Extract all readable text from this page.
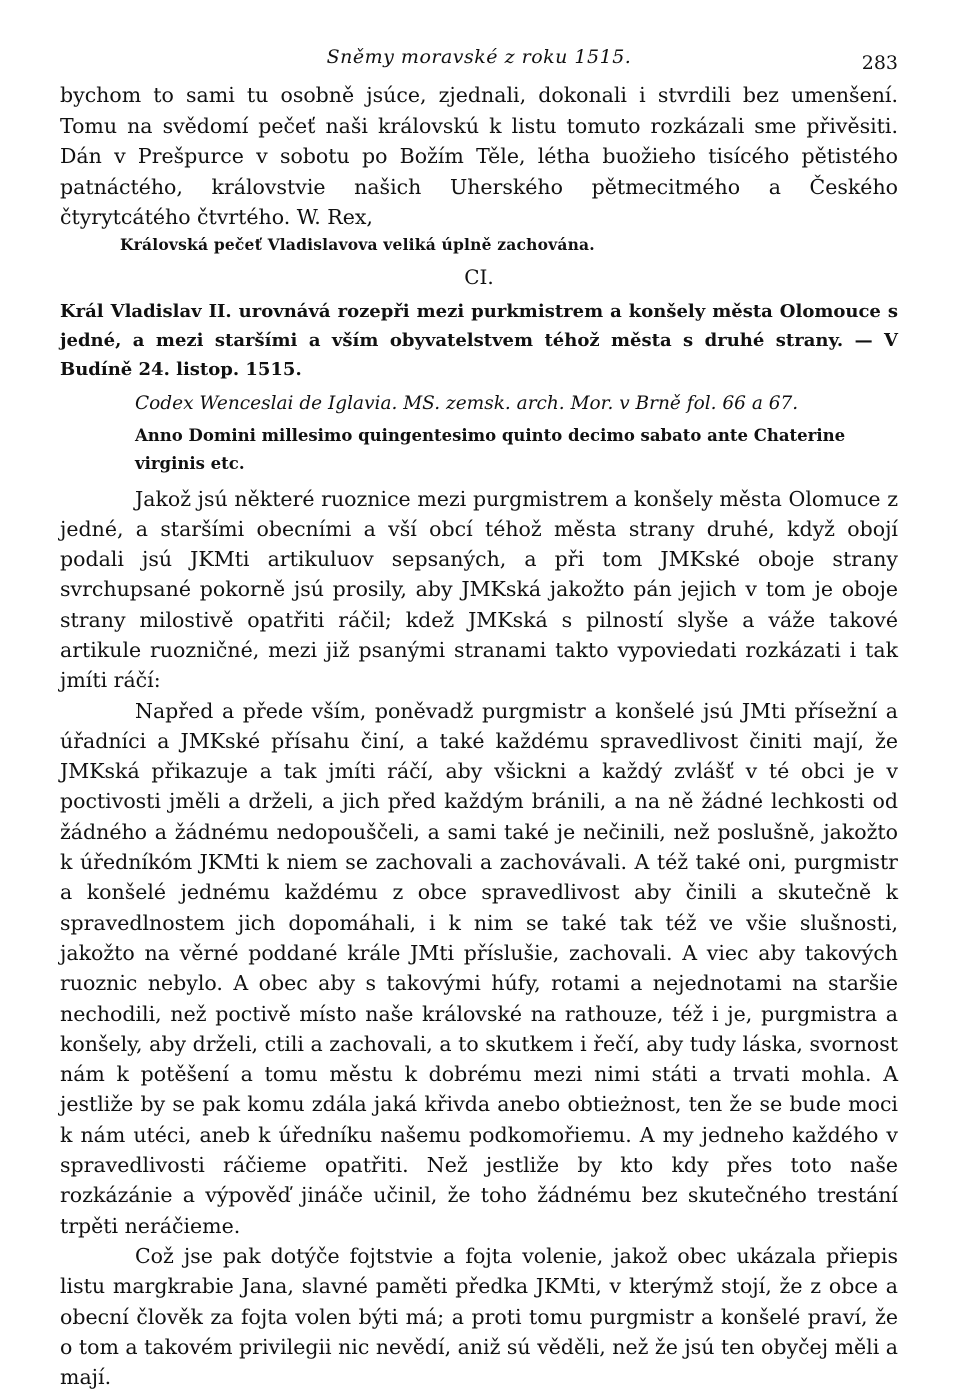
Sněmy moravské z roku 1515.	283

bychom to sami tu osobně jsúce, zjednali, dokonali i stvrdili bez umenšení. Tomu na svědomí pečeť naši královskú k listu tomuto rozkázali sme přivěsiti. Dán v Prešpurce v sobotu po Božím Těle, létha buožieho tisícého pětistého patnáctého, královstvie našich Uherského pětmecitmého a Českého čtyrytcátého čtvrtého. W. Rex,

Královská pečeť Vladislavova veliká úplně zachována.

CI.

Král Vladislav II. urovnává rozepři mezi purkmistrem a konšely města Olomouce s jedné, a mezi staršími a vším obyvatelstvem téhož města s druhé strany. — V Budíně 24. listop. 1515.

Codex Wenceslai de Iglavia. MS. zemsk. arch. Mor. v Brně fol. 66 a 67.

Anno Domini millesimo quingentesimo quinto decimo sabato ante Chaterine virginis etc.

Jakož jsú některé ruoznice mezi purgmistrem a konšely města Olomuce z jedné, a staršími obecními a vší obcí téhož města strany druhé, když obojí podali jsú JKMti artikuluov sepsaných, a při tom JMKské oboje strany svrchupsané pokorně jsú prosily, aby JMKská jakožto pán jejich v tom je oboje strany milostivě opatřiti ráčil; kdež JMKská s pilností slyše a váže takové artikule ruozničné, mezi již psanými stranami takto vypoviedati rozkázati i tak jmíti ráčí:

Napřed a přede vším, poněvadž purgmistr a konšelé jsú JMti přísežní a úřadníci a JMKské přísahu činí, a také každému spravedlivost činiti mají, že JMKská přikazuje a tak jmíti ráčí, aby všickni a každý zvlášť v té obci je v poctivosti jměli a drželi, a jich před každým bránili, a na ně žádné lechkosti od žádného a žádnému nedopouščeli, a sami také je nečinili, než poslušně, jakožto k úředníkóm JKMti k niem se zachovali a zachovávali. A též také oni, purgmistr a konšelé jednému každému z obce spravedlivost aby činili a skutečně k spravedlnostem jich dopomáhali, i k nim se také tak též ve všie slušnosti, jakožto na věrné poddané krále JMti příslušie, zachovali. A viec aby takových ruoznic nebylo. A obec aby s takovými húfy, rotami a nejednotami na staršie nechodili, než poctivě místo naše královské na rathouze, též i je, purgmistra a konšely, aby drželi, ctili a zachovali, a to skutkem i řečí, aby tudy láska, svornost nám k potěšení a tomu městu k dobrému mezi nimi státi a trvati mohla. A jestliže by se pak komu zdála jaká křivda anebo obtieżnost, ten že se bude moci k nám utéci, aneb k úředníku našemu podkomořiemu. A my jedneho každého v spravedlivosti ráčieme opatřiti. Než jestliže by kto kdy přes toto naše rozkázánie a výpověď jináče učinil, že toho žádnému bez skutečného trestání trpěti neráčieme.

Což jse pak dotýče fojtstvie a fojta volenie, jakož obec ukázala přiepis listu margkrabie Jana, slavné paměti předka JKMti, v kterýmž stojí, že z obce a obecní člověk za fojta volen býti má; a proti tomu purgmistr a konšelé praví, že o tom a takovém privilegii nic nevědí, aniž sú věděli, než že jsú ten obyčej měli a mají.
